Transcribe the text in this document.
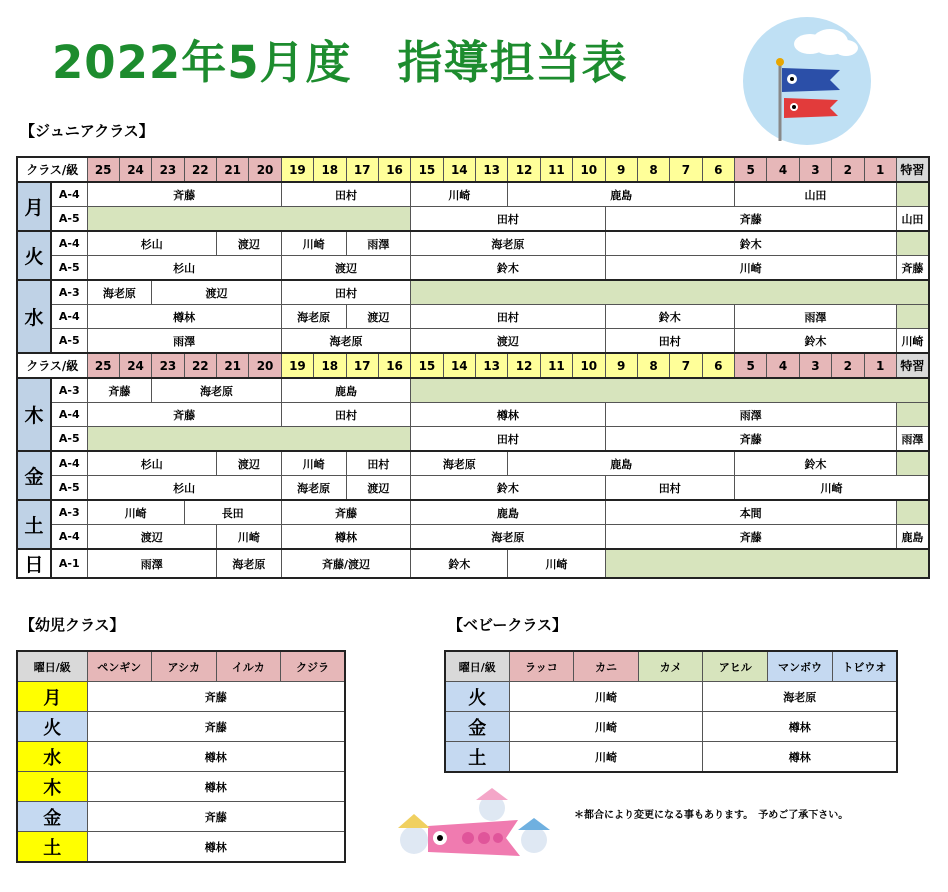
2022年5月度　指導担当表
【ジュニアクラス】
クラス/級		25	24	23	22	21	20	19	18	17	16	15	14	13	12	11	10	9	8	7	6	5	4	3	2	1	特習
月	A-4	斉藤						田村				川崎			鹿島							山田					
	A-5											田村						斉藤									山田
火	A-4	杉山				渡辺		川崎		雨澤		海老原						鈴木									
	A-5	杉山						渡辺				鈴木						川崎									斉藤
水	A-3	海老原		渡辺				田村																			
	A-4	樽林						海老原		渡辺		田村						鈴木				雨澤					
	A-5	雨澤						海老原				渡辺						田村				鈴木					川崎
クラス/級		25	24	23	22	21	20	19	18	17	16	15	14	13	12	11	10	9	8	7	6	5	4	3	2	1	特習
木	A-3	斉藤		海老原				鹿島																			
	A-4	斉藤						田村				樽林						雨澤									
	A-5											田村						斉藤									雨澤
金	A-4	杉山				渡辺		川崎		田村		海老原			鹿島							鈴木					
	A-5	杉山						海老原		渡辺		鈴木						田村				川崎					
土	A-3	川崎			長田			斉藤				鹿島						本間									
	A-4	渡辺				川崎		樽林				海老原						斉藤									鹿島
日	A-1	雨澤				海老原		斉藤/渡辺				鈴木			川崎												
【幼児クラス】
曜日/級	ペンギン	アシカ	イルカ	クジラ
月	斉藤			
火	斉藤			
水	樽林			
木	樽林			
金	斉藤			
土	樽林			
【ベビークラス】
曜日/級	ラッコ	カニ	カメ	アヒル	マンボウ	トビウオ
火	川崎			海老原		
金	川崎			樽林		
土	川崎			樽林		
＊都合により変更になる事もあります。　予めご了承下さい。
